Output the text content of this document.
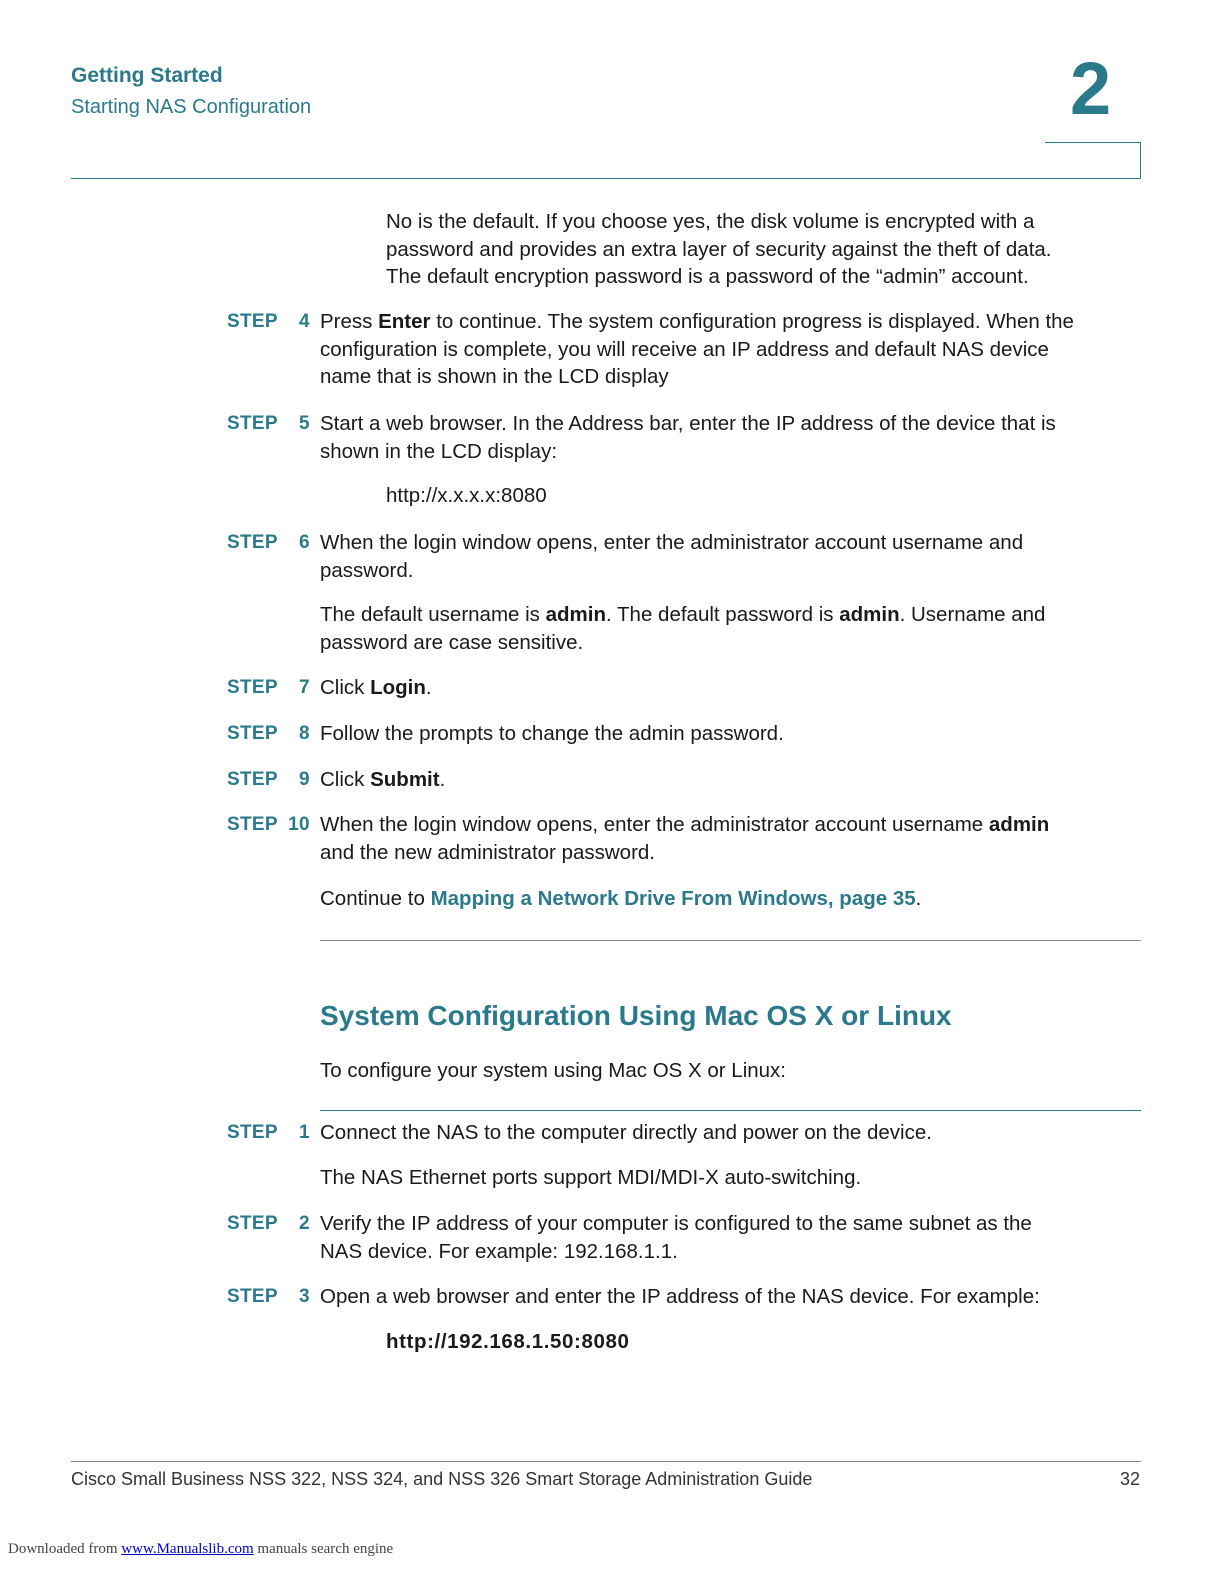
Getting Started
Starting NAS Configuration	2
No is the default. If you choose yes, the disk volume is encrypted with a
password and provides an extra layer of security against the theft of data.
The default encryption password is a password of the “admin” account.
STEP 4 Press Enter to continue. The system configuration progress is displayed. When the
configuration is complete, you will receive an IP address and default NAS device
name that is shown in the LCD display
STEP 5 Start a web browser. In the Address bar, enter the IP address of the device that is
shown in the LCD display:
http://x.x.x.x:8080
STEP 6 When the login window opens, enter the administrator account username and
password.
The default username is admin. The default password is admin. Username and
password are case sensitive.
STEP 7 Click Login.
STEP 8 Follow the prompts to change the admin password.
STEP 9 Click Submit.
STEP 10 When the login window opens, enter the administrator account username admin
and the new administrator password.
Continue to Mapping a Network Drive From Windows, page 35.
System Configuration Using Mac OS X or Linux
To configure your system using Mac OS X or Linux:
STEP 1 Connect the NAS to the computer directly and power on the device.
The NAS Ethernet ports support MDI/MDI-X auto-switching.
STEP 2 Verify the IP address of your computer is configured to the same subnet as the
NAS device. For example: 192.168.1.1.
STEP 3 Open a web browser and enter the IP address of the NAS device. For example:
http://192.168.1.50:8080
Cisco Small Business NSS 322, NSS 324, and NSS 326 Smart Storage Administration Guide	32
Downloaded from www.Manualslib.com manuals search engine
